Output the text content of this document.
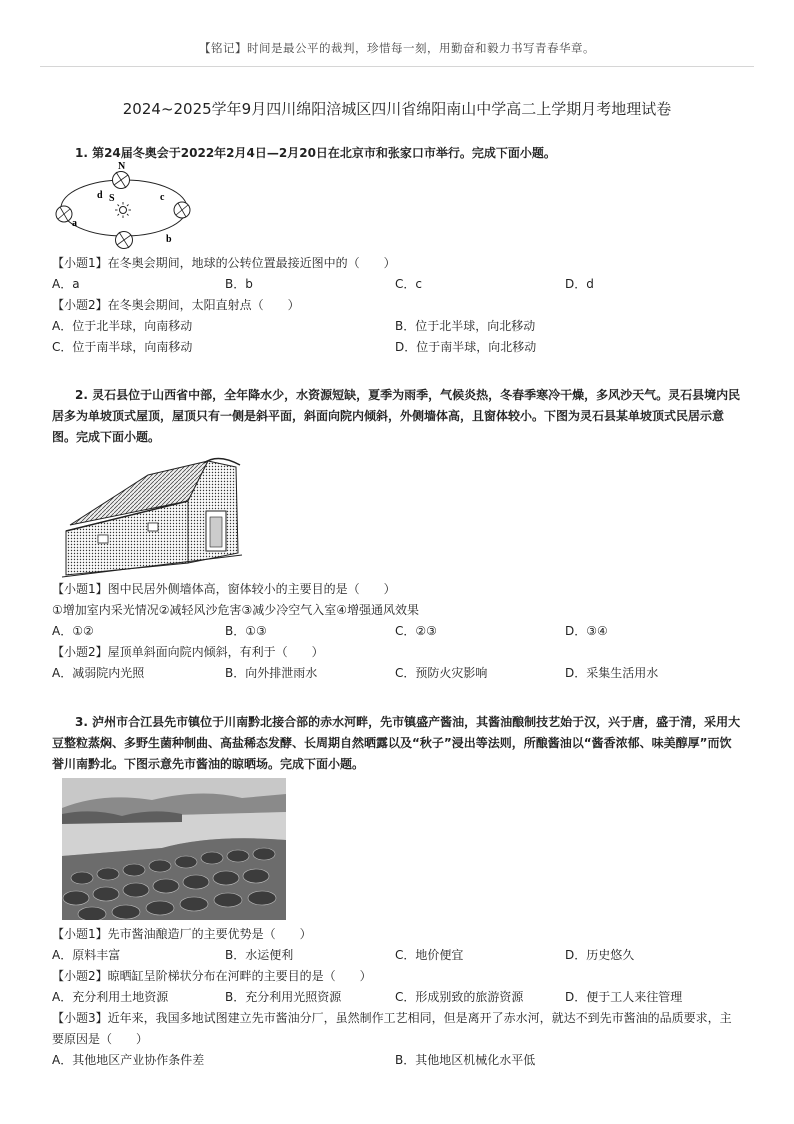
【铭记】时间是最公平的裁判，珍惜每一刻，用勤奋和毅力书写青春华章。
2024~2025学年9月四川绵阳涪城区四川省绵阳南山中学高二上学期月考地理试卷
1. 第24届冬奥会于2022年2月4日—2月20日在北京市和张家口市举行。完成下面小题。
N
S
d	c
b
a
【小题1】在冬奥会期间，地球的公转位置最接近图中的（　　）
A．a	B．b	C．c	D．d
【小题2】在冬奥会期间，太阳直射点（　　）
A．位于北半球，向南移动	B．位于北半球，向北移动
C．位于南半球，向南移动	D．位于南半球，向北移动
2. 灵石县位于山西省中部，全年降水少，水资源短缺，夏季为雨季，气候炎热，冬春季寒冷干燥，多风沙天气。灵石县境内民居多为单坡顶式屋顶，屋顶只有一侧是斜平面，斜面向院内倾斜，外侧墙体高，且窗体较小。下图为灵石县某单坡顶式民居示意图。完成下面小题。
【小题1】图中民居外侧墙体高，窗体较小的主要目的是（　　）
①增加室内采光情况②减轻风沙危害③减少冷空气入室④增强通风效果
A．①②	B．①③	C．②③	D．③④
【小题2】屋顶单斜面向院内倾斜，有利于（　　）
A．减弱院内光照	B．向外排泄雨水	C．预防火灾影响	D．采集生活用水
3. 泸州市合江县先市镇位于川南黔北接合部的赤水河畔，先市镇盛产酱油，其酱油酿制技艺始于汉，兴于唐，盛于清，采用大豆整粒蒸焖、多野生菌种制曲、高盐稀态发酵、长周期自然晒露以及“秋子”浸出等法则，所酿酱油以“酱香浓郁、味美醇厚”而饮誉川南黔北。下图示意先市酱油的晾晒场。完成下面小题。
【小题1】先市酱油酿造厂的主要优势是（　　）
A．原料丰富	B．水运便利	C．地价便宜	D．历史悠久
【小题2】晾晒缸呈阶梯状分布在河畔的主要目的是（　　）
A．充分利用土地资源	B．充分利用光照资源	C．形成别致的旅游资源	D．便于工人来往管理
【小题3】近年来，我国多地试图建立先市酱油分厂，虽然制作工艺相同，但是离开了赤水河，就达不到先市酱油的品质要求，主要原因是（　　）
A．其他地区产业协作条件差	B．其他地区机械化水平低
